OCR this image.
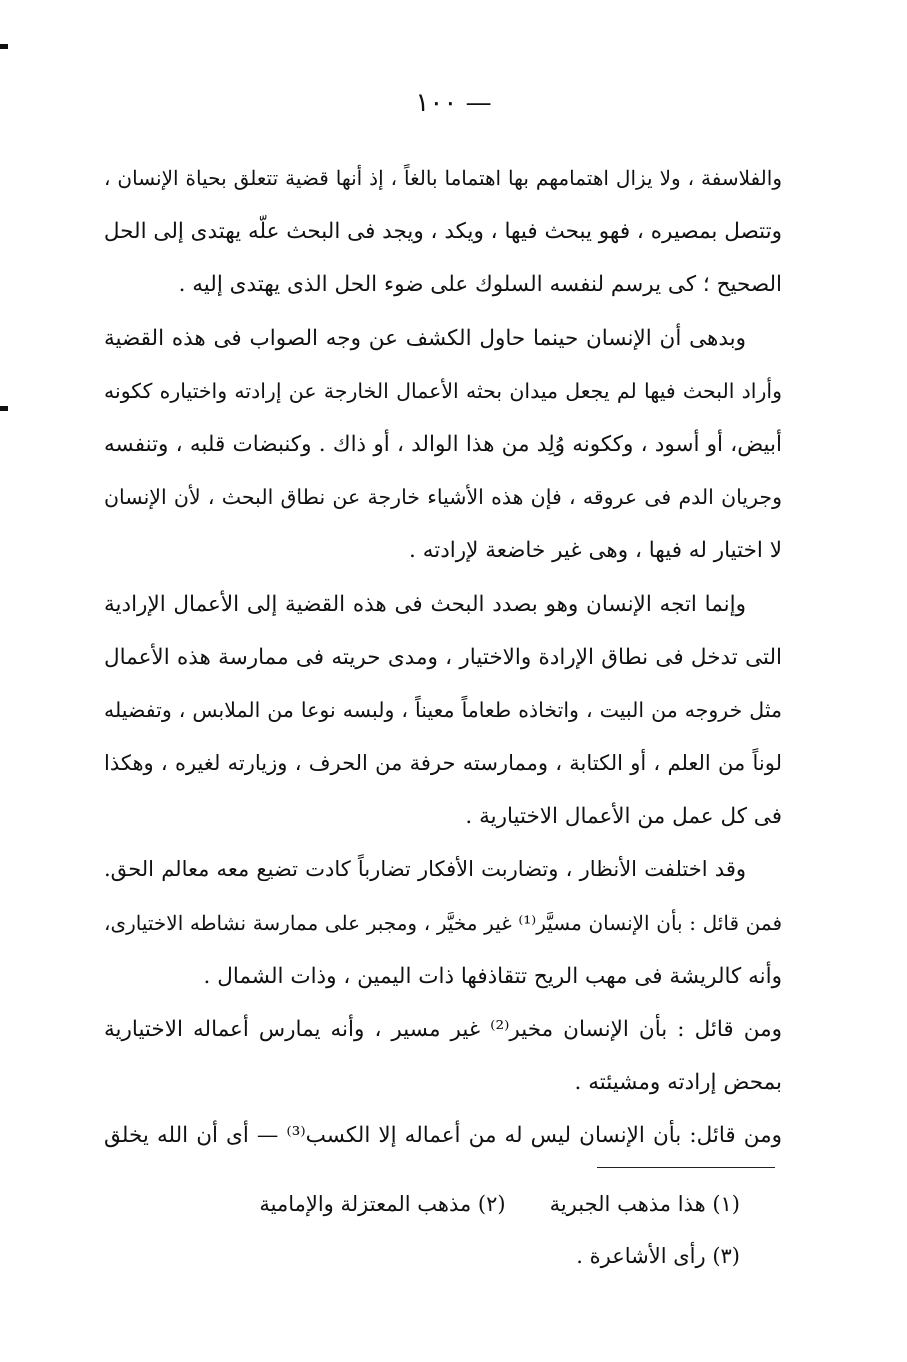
— ١٠٠
والفلاسفة ، ولا يزال اهتمامهم بها اهتماما بالغاً ، إذ أنها قضية تتعلق بحياة الإنسان ،
وتتصل بمصيره ، فهو يبحث فيها ، ويكد ، ويجد فى البحث علّه يهتدى إلى الحل
الصحيح ؛ كى يرسم لنفسه السلوك على ضوء الحل الذى يهتدى إليه .
وبدهى أن الإنسان حينما حاول الكشف عن وجه الصواب فى هذه القضية
وأراد البحث فيها لم يجعل ميدان بحثه الأعمال الخارجة عن إرادته واختياره ككونه
أبيض، أو أسود ، وككونه وُلِد من هذا الوالد ، أو ذاك . وكنبضات قلبه ، وتنفسه
وجريان الدم فى عروقه ، فإن هذه الأشياء خارجة عن نطاق البحث ، لأن الإنسان
لا اختيار له فيها ، وهى غير خاضعة لإرادته .
وإنما اتجه الإنسان وهو بصدد البحث فى هذه القضية إلى الأعمال الإرادية
التى تدخل فى نطاق الإرادة والاختيار ، ومدى حريته فى ممارسة هذه الأعمال
مثل خروجه من البيت ، واتخاذه طعاماً معيناً ، ولبسه نوعا من الملابس ، وتفضيله
لوناً من العلم ، أو الكتابة ، وممارسته حرفة من الحرف ، وزيارته لغيره ، وهكذا
فى كل عمل من الأعمال الاختيارية .
وقد اختلفت الأنظار ، وتضاربت الأفكار تضارباً كادت تضيع معه معالم الحق.
فمن قائل : بأن الإنسان مسيَّر⁽¹⁾ غير مخيَّر ، ومجبر على ممارسة نشاطه الاختيارى،
وأنه كالريشة فى مهب الريح تتقاذفها ذات اليمين ، وذات الشمال .
ومن قائل : بأن الإنسان مخير⁽²⁾ غير مسير ، وأنه يمارس أعماله الاختيارية
بمحض إرادته ومشيئته .
ومن قائل: بأن الإنسان ليس له من أعماله إلا الكسب⁽³⁾ — أى أن الله يخلق
(١) هذا مذهب الجبرية(٢) مذهب المعتزلة والإمامية
(٣) رأى الأشاعرة .
